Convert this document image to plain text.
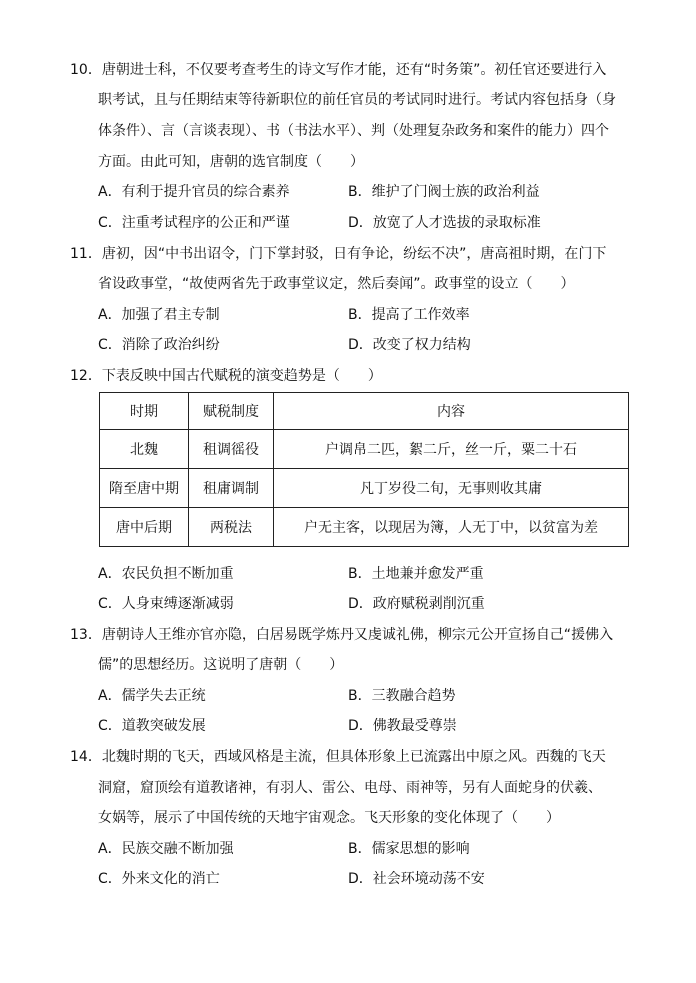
10．唐朝进士科，不仅要考查考生的诗文写作才能，还有“时务策”。初任官还要进行入
职考试，且与任期结束等待新职位的前任官员的考试同时进行。考试内容包括身（身
体条件）、言（言谈表现）、书（书法水平）、判（处理复杂政务和案件的能力）四个
方面。由此可知，唐朝的选官制度（　　）
A．有利于提升官员的综合素养	B．维护了门阀士族的政治利益
C．注重考试程序的公正和严谨	D．放宽了人才选拔的录取标准
11．唐初，因“中书出诏令，门下掌封驳，日有争论，纷纭不决”，唐高祖时期，在门下
省设政事堂，“故使两省先于政事堂议定，然后奏闻”。政事堂的设立（　　）
A．加强了君主专制	B．提高了工作效率
C．消除了政治纠纷	D．改变了权力结构
12．下表反映中国古代赋税的演变趋势是（　　）
时期	赋税制度	内容
北魏	租调徭役	户调帛二匹，絮二斤，丝一斤，粟二十石
隋至唐中期	租庸调制	凡丁岁役二旬，无事则收其庸
唐中后期	两税法	户无主客，以现居为簿，人无丁中，以贫富为差
A．农民负担不断加重	B．土地兼并愈发严重
C．人身束缚逐渐减弱	D．政府赋税剥削沉重
13．唐朝诗人王维亦官亦隐，白居易既学炼丹又虔诚礼佛，柳宗元公开宣扬自己“援佛入
儒”的思想经历。这说明了唐朝（　　）
A．儒学失去正统	B．三教融合趋势
C．道教突破发展	D．佛教最受尊崇
14．北魏时期的飞天，西域风格是主流，但具体形象上已流露出中原之风。西魏的飞天
洞窟，窟顶绘有道教诸神，有羽人、雷公、电母、雨神等，另有人面蛇身的伏羲、
女娲等，展示了中国传统的天地宇宙观念。飞天形象的变化体现了（　　）
A．民族交融不断加强	B．儒家思想的影响
C．外来文化的消亡	D．社会环境动荡不安
